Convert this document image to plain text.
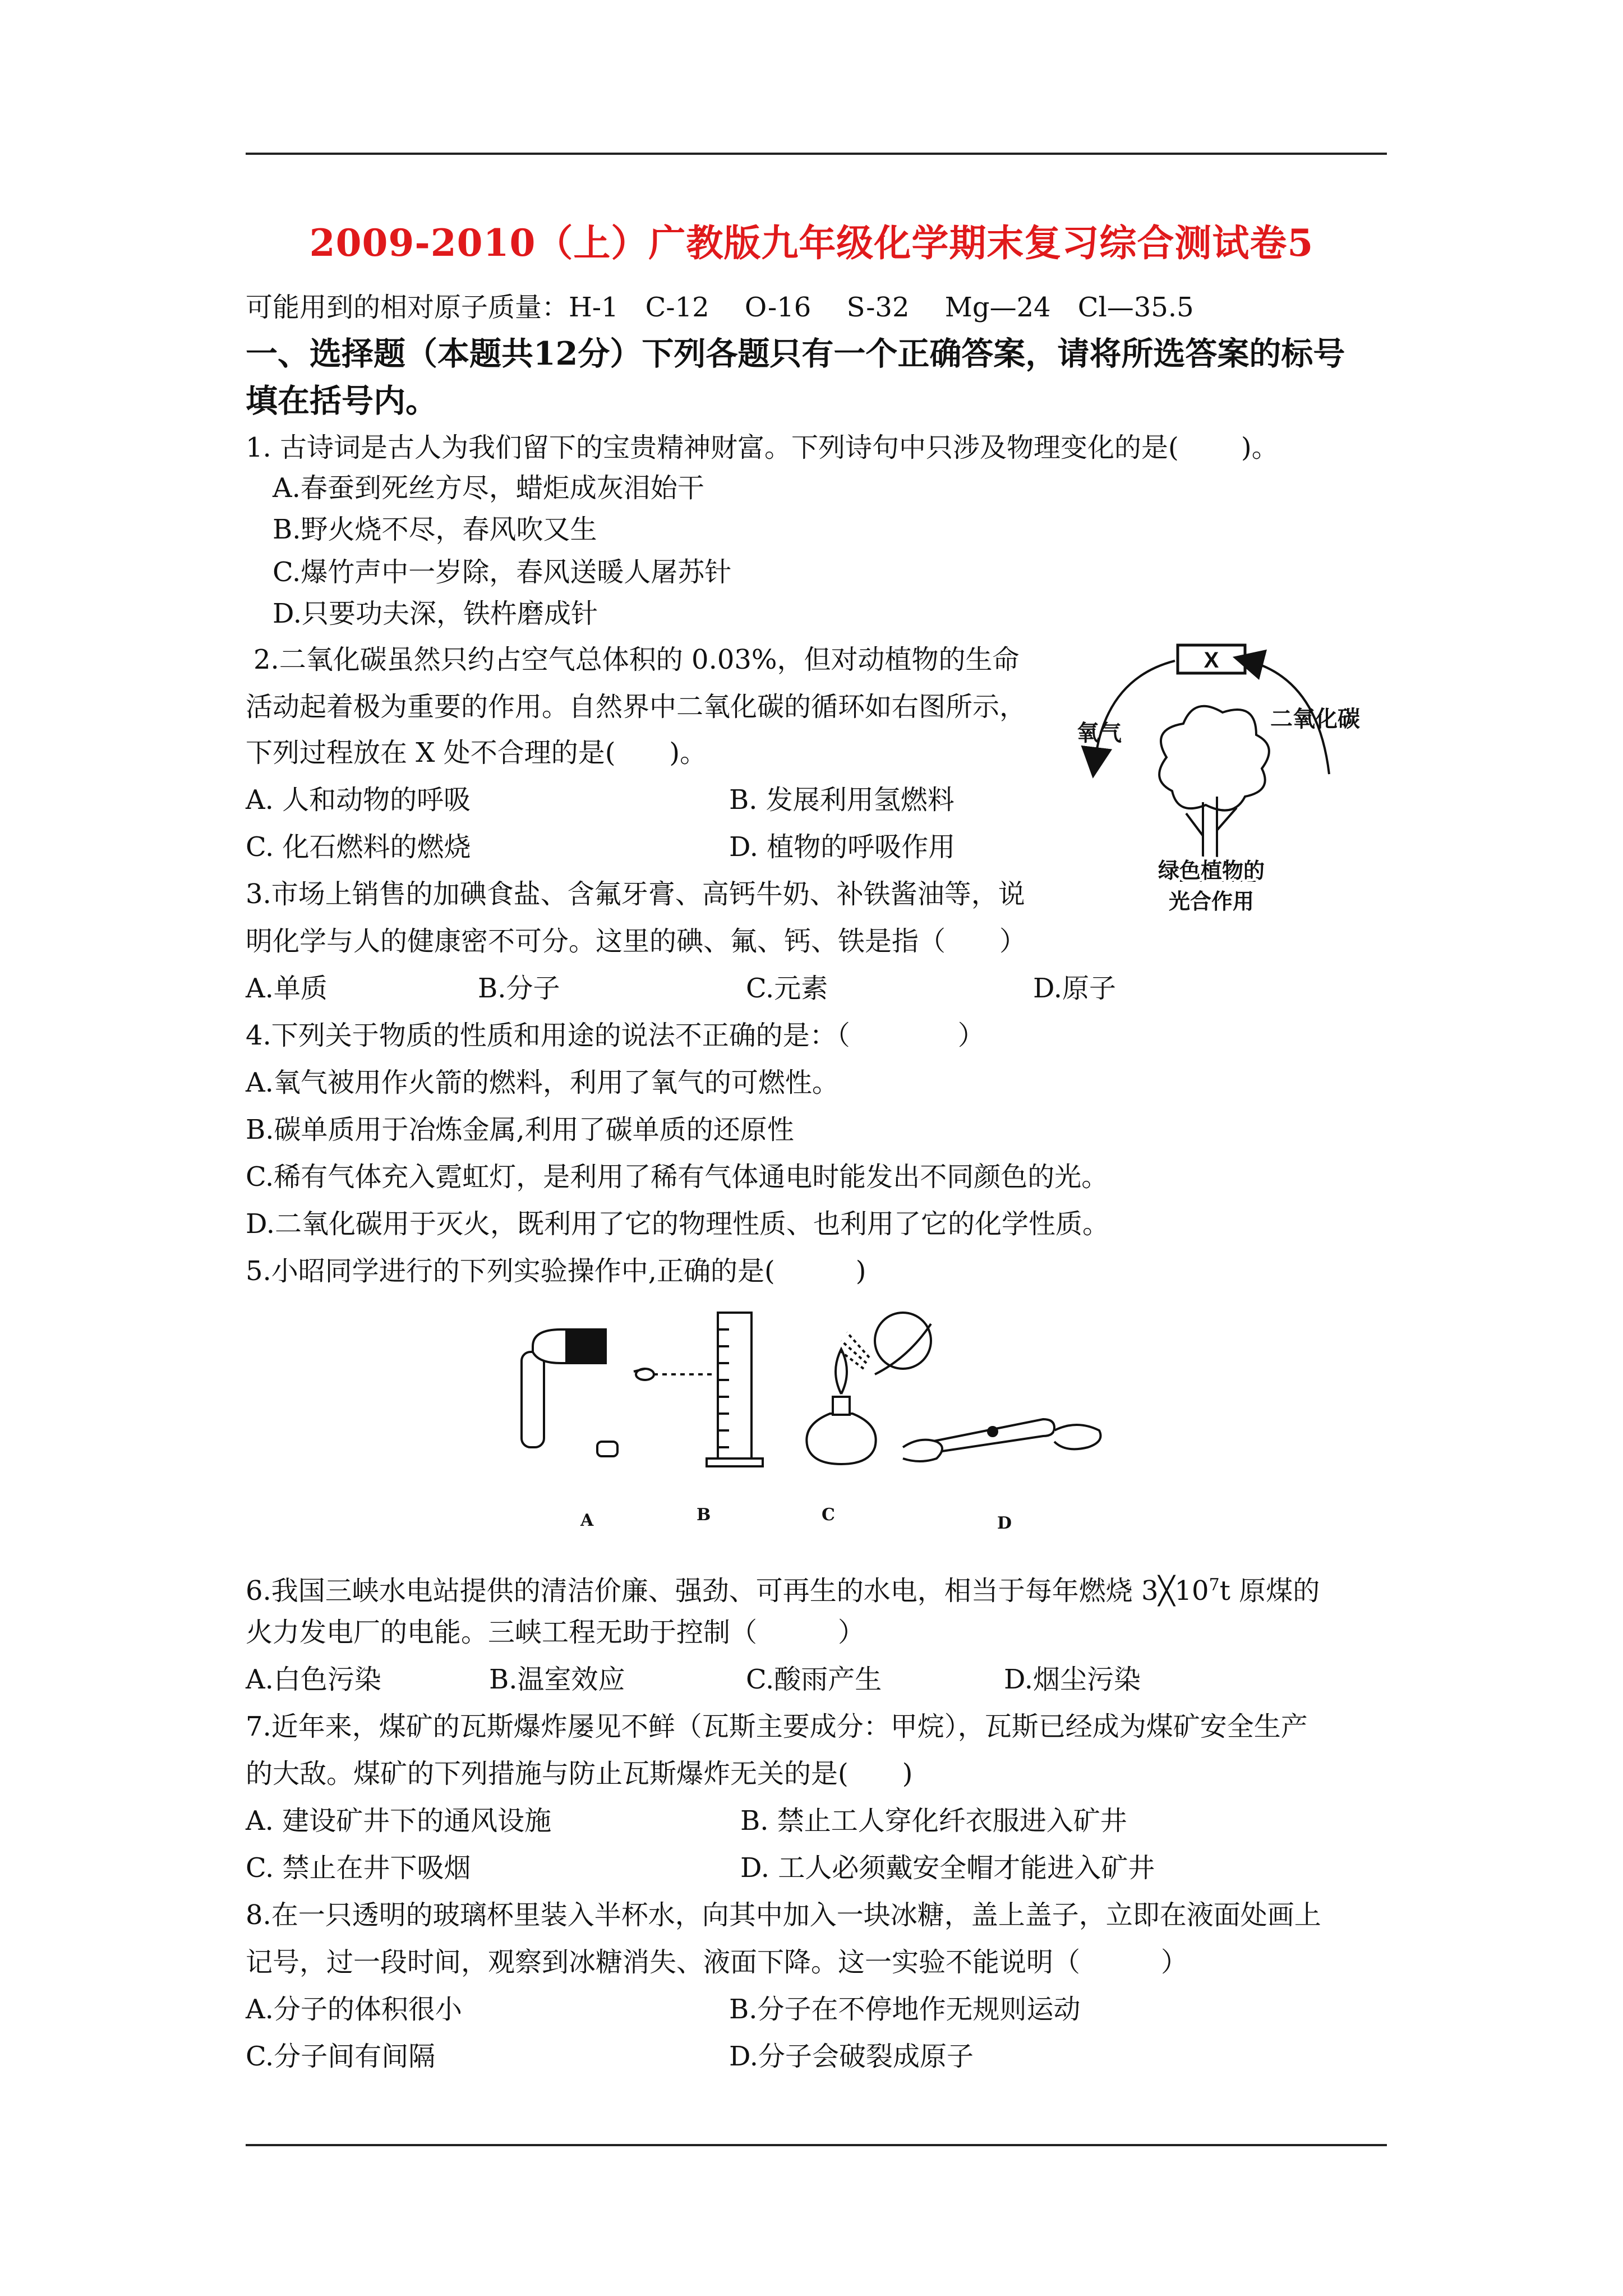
2009-2010（上）广教版九年级化学期末复习综合测试卷5
可能用到的相对原子质量：H-1　C-12　 O-16　 S-32　 Mg—24　Cl—35.5
一、选择题（本题共12分）下列各题只有一个正确答案，请将所选答案的标号
填在括号内。
1. 古诗词是古人为我们留下的宝贵精神财富。下列诗句中只涉及物理变化的是(　　 )。
A.春蚕到死丝方尽，蜡炬成灰泪始干
B.野火烧不尽，春风吹又生
C.爆竹声中一岁除，春风送暖人屠苏针
D.只要功夫深，铁杵磨成针
2.二氧化碳虽然只约占空气总体积的 0.03%，但对动植物的生命
活动起着极为重要的作用。自然界中二氧化碳的循环如右图所示，
下列过程放在 X 处不合理的是(　　)。
A. 人和动物的呼吸	B. 发展利用氢燃料
C. 化石燃料的燃烧	D. 植物的呼吸作用
X
氧气
二氧化碳
绿色植物的
光合作用
3.市场上销售的加碘食盐、含氟牙膏、高钙牛奶、补铁酱油等，说
明化学与人的健康密不可分。这里的碘、氟、钙、铁是指（　　）
A.单质	B.分子	C.元素	D.原子
4.下列关于物质的性质和用途的说法不正确的是：（　　　　）
A.氧气被用作火箭的燃料，利用了氧气的可燃性。
B.碳单质用于冶炼金属,利用了碳单质的还原性
C.稀有气体充入霓虹灯，是利用了稀有气体通电时能发出不同颜色的光。
D.二氧化碳用于灭火，既利用了它的物理性质、也利用了它的化学性质。
5.小昭同学进行的下列实验操作中,正确的是(　　　)
A	B	C	D
6.我国三峡水电站提供的清洁价廉、强劲、可再生的水电，相当于每年燃烧 $3╳10^7t$ 原煤的
火力发电厂的电能。三峡工程无助于控制（　　　）
A.白色污染	B.温室效应	C.酸雨产生	D.烟尘污染
7.近年来，煤矿的瓦斯爆炸屡见不鲜（瓦斯主要成分：甲烷），瓦斯已经成为煤矿安全生产
的大敌。煤矿的下列措施与防止瓦斯爆炸无关的是(　　)
A. 建设矿井下的通风设施	B. 禁止工人穿化纤衣服进入矿井
C. 禁止在井下吸烟	D. 工人必须戴安全帽才能进入矿井
8.在一只透明的玻璃杯里装入半杯水，向其中加入一块冰糖，盖上盖子，立即在液面处画上
记号，过一段时间，观察到冰糖消失、液面下降。这一实验不能说明（　　　）
A.分子的体积很小	B.分子在不停地作无规则运动
C.分子间有间隔	D.分子会破裂成原子
